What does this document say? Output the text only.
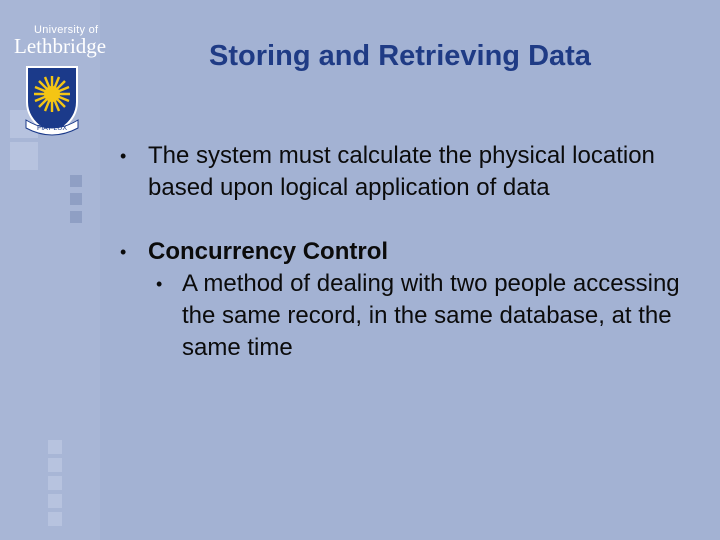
University of
Lethbridge
FIAT LUX
Storing and Retrieving Data
• The system must calculate the physical location based upon logical application of data
• Concurrency Control
• A method of dealing with two people accessing the same record, in the same database, at the same time
